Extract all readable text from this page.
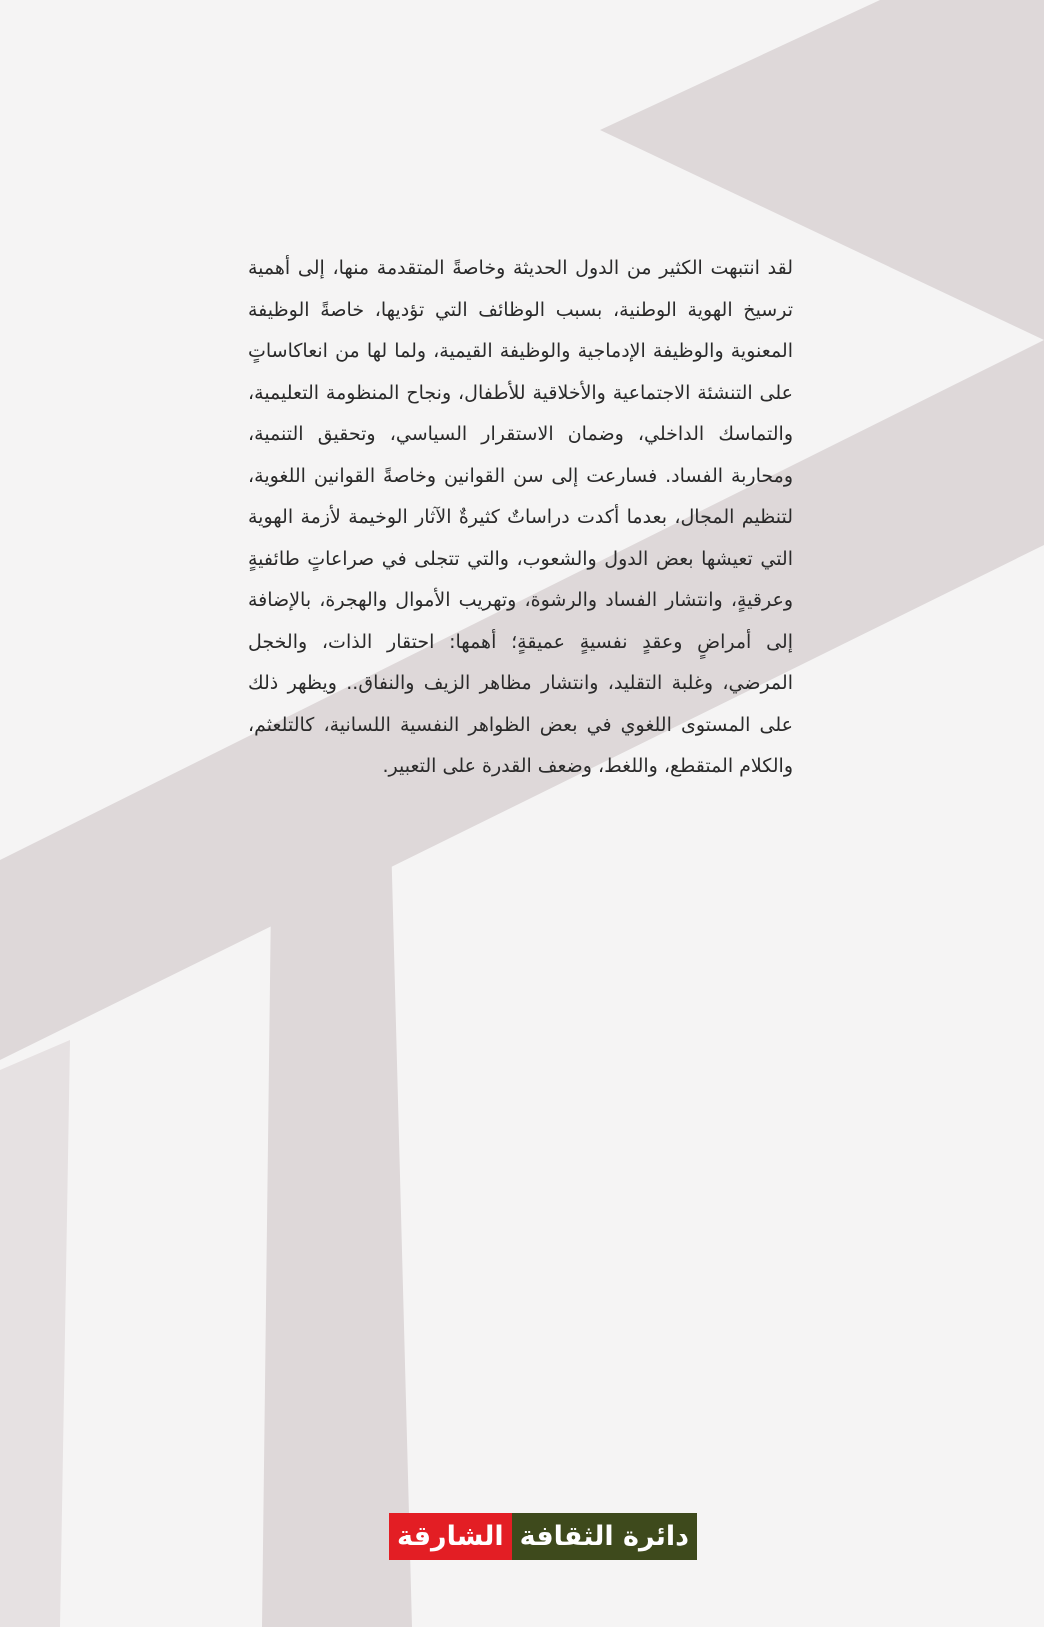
لقد انتبهت الكثير من الدول الحديثة وخاصةً المتقدمة منها، إلى أهمية ترسيخ الهوية الوطنية، بسبب الوظائف التي تؤديها، خاصةً الوظيفة المعنوية والوظيفة الإدماجية والوظيفة القيمية، ولما لها من انعاكاساتٍ على التنشئة الاجتماعية والأخلاقية للأطفال، ونجاح المنظومة التعليمية، والتماسك الداخلي، وضمان الاستقرار السياسي، وتحقيق التنمية، ومحاربة الفساد. فسارعت إلى سن القوانين وخاصةً القوانين اللغوية، لتنظيم المجال، بعدما أكدت دراساتٌ كثيرةٌ الآثار الوخيمة لأزمة الهوية التي تعيشها بعض الدول والشعوب، والتي تتجلى في صراعاتٍ طائفيةٍ وعرقيةٍ، وانتشار الفساد والرشوة، وتهريب الأموال والهجرة، بالإضافة إلى أمراضٍ وعقدٍ نفسيةٍ عميقةٍ؛ أهمها: احتقار الذات، والخجل المرضي، وغلبة التقليد، وانتشار مظاهر الزيف والنفاق.. ويظهر ذلك على المستوى اللغوي في بعض الظواهر النفسية اللسانية، كالتلعثم، والكلام المتقطع، واللغط، وضعف القدرة على التعبير.

دائرة الثقافة
الشارقة
